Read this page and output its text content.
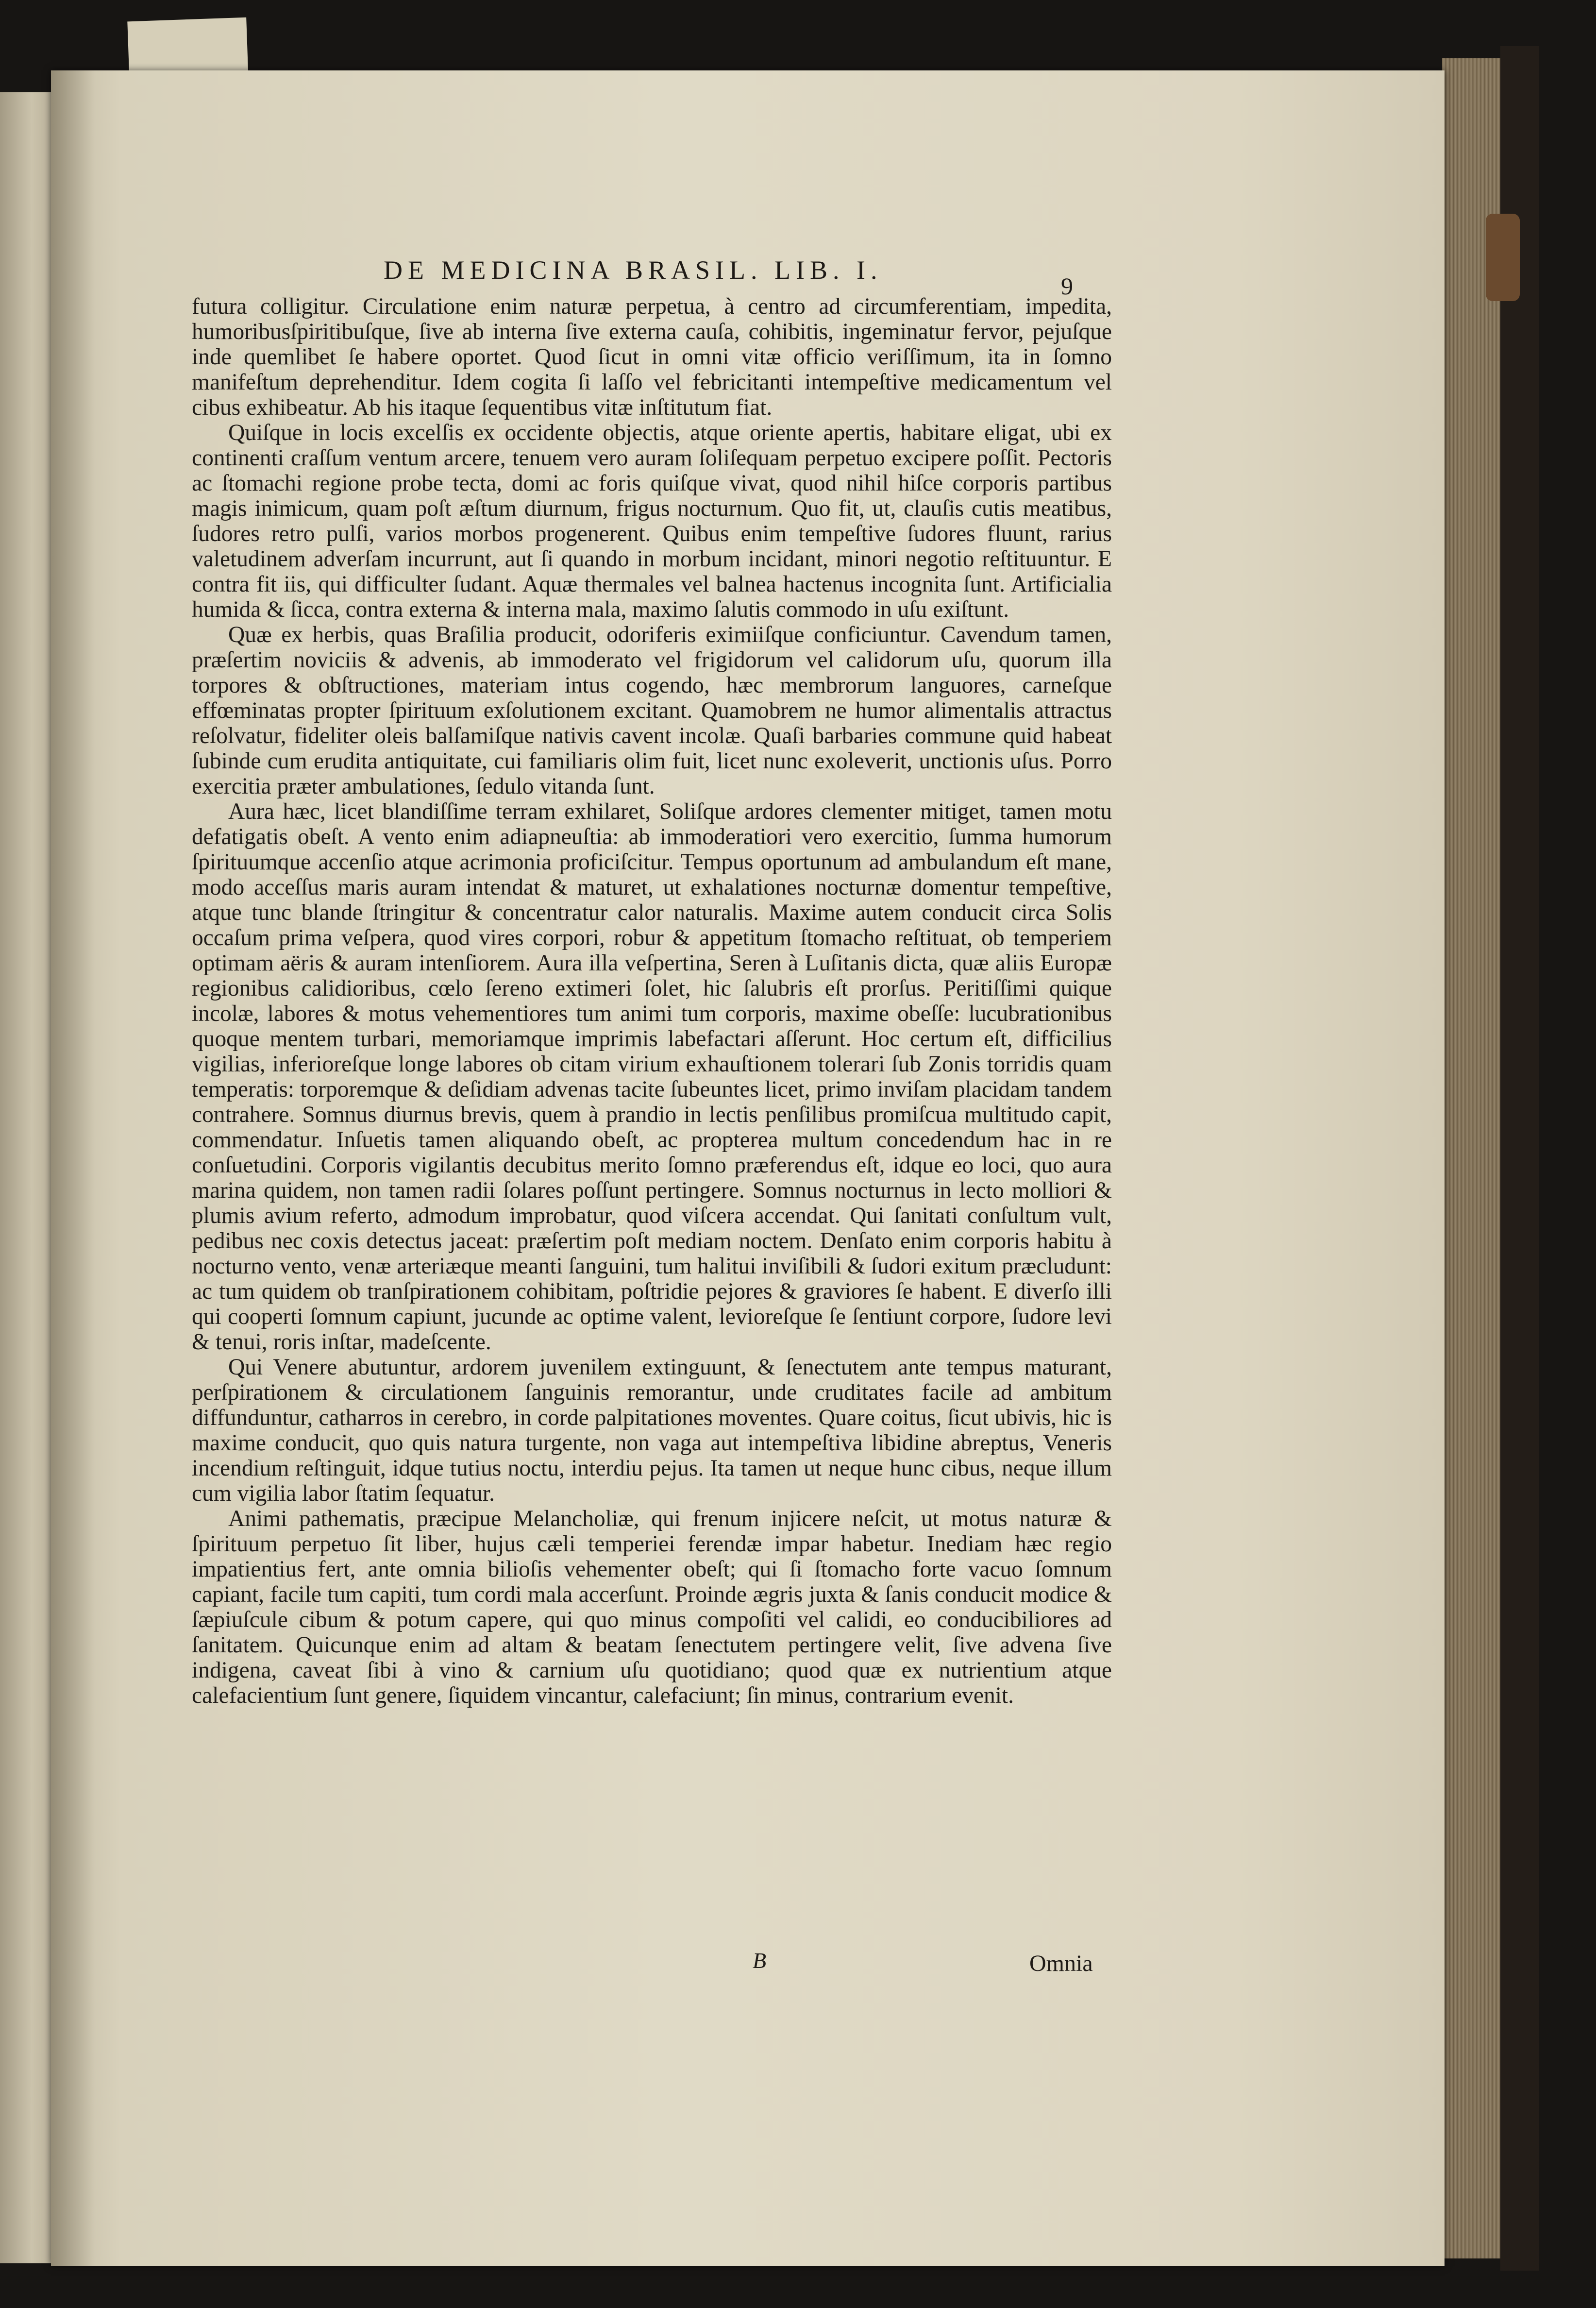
DE MEDICINA BRASIL. LIB. I.
9

futura colligitur. Circulatione enim naturæ perpetua, à centro ad circumferentiam, impedita, humoribusſpiritibuſque, ſive ab interna ſive externa cauſa, cohibitis, ingeminatur fervor, pejuſque inde quemlibet ſe habere oportet. Quod ſicut in omni vitæ officio veriſſimum, ita in ſomno manifeſtum deprehenditur. Idem cogita ſi laſſo vel febricitanti intempeſtive medicamentum vel cibus exhibeatur. Ab his itaque ſequentibus vitæ inſtitutum fiat.

Quiſque in locis excelſis ex occidente objectis, atque oriente apertis, habitare eligat, ubi ex continenti craſſum ventum arcere, tenuem vero auram ſoliſequam perpetuo excipere poſſit. Pectoris ac ſtomachi regione probe tecta, domi ac foris quiſque vivat, quod nihil hiſce corporis partibus magis inimicum, quam poſt æſtum diurnum, frigus nocturnum. Quo fit, ut, clauſis cutis meatibus, ſudores retro pulſi, varios morbos progenerent. Quibus enim tempeſtive ſudores fluunt, rarius valetudinem adverſam incurrunt, aut ſi quando in morbum incidant, minori negotio reſtituuntur. E contra fit iis, qui difficulter ſudant. Aquæ thermales vel balnea hactenus incognita ſunt. Artificialia humida & ſicca, contra externa & interna mala, maximo ſalutis commodo in uſu exiſtunt.

Quæ ex herbis, quas Braſilia producit, odoriferis eximiiſque conficiuntur. Cavendum tamen, præſertim noviciis & advenis, ab immoderato vel frigidorum vel calidorum uſu, quorum illa torpores & obſtructiones, materiam intus cogendo, hæc membrorum languores, carneſque effœminatas propter ſpirituum exſolutionem excitant. Quamobrem ne humor alimentalis attractus reſolvatur, fideliter oleis balſamiſque nativis cavent incolæ. Quaſi barbaries commune quid habeat ſubinde cum erudita antiquitate, cui familiaris olim fuit, licet nunc exoleverit, unctionis uſus. Porro exercitia præter ambulationes, ſedulo vitanda ſunt.

Aura hæc, licet blandiſſime terram exhilaret, Soliſque ardores clementer mitiget, tamen motu defatigatis obeſt. A vento enim adiapneuſtia: ab immoderatiori vero exercitio, ſumma humorum ſpirituumque accenſio atque acrimonia proficiſcitur. Tempus oportunum ad ambulandum eſt mane, modo acceſſus maris auram intendat & maturet, ut exhalationes nocturnæ domentur tempeſtive, atque tunc blande ſtringitur & concentratur calor naturalis. Maxime autem conducit circa Solis occaſum prima veſpera, quod vires corpori, robur & appetitum ſtomacho reſtituat, ob temperiem optimam aëris & auram intenſiorem. Aura illa veſpertina, Seren à Luſitanis dicta, quæ aliis Europæ regionibus calidioribus, cœlo ſereno extimeri ſolet, hic ſalubris eſt prorſus. Peritiſſimi quique incolæ, labores & motus vehementiores tum animi tum corporis, maxime obeſſe: lucubrationibus quoque mentem turbari, memoriamque imprimis labefactari aſſerunt. Hoc certum eſt, difficilius vigilias, inferioreſque longe labores ob citam virium exhauſtionem tolerari ſub Zonis torridis quam temperatis: torporemque & deſidiam advenas tacite ſubeuntes licet, primo inviſam placidam tandem contrahere. Somnus diurnus brevis, quem à prandio in lectis penſilibus promiſcua multitudo capit, commendatur. Inſuetis tamen aliquando obeſt, ac propterea multum concedendum hac in re conſuetudini. Corporis vigilantis decubitus merito ſomno præferendus eſt, idque eo loci, quo aura marina quidem, non tamen radii ſolares poſſunt pertingere. Somnus nocturnus in lecto molliori & plumis avium referto, admodum improbatur, quod viſcera accendat. Qui ſanitati conſultum vult, pedibus nec coxis detectus jaceat: præſertim poſt mediam noctem. Denſato enim corporis habitu à nocturno vento, venæ arteriæque meanti ſanguini, tum halitui inviſibili & ſudori exitum præcludunt: ac tum quidem ob tranſpirationem cohibitam, poſtridie pejores & graviores ſe habent. E diverſo illi qui cooperti ſomnum capiunt, jucunde ac optime valent, levioreſque ſe ſentiunt corpore, ſudore levi & tenui, roris inſtar, madeſcente.

Qui Venere abutuntur, ardorem juvenilem extinguunt, & ſenectutem ante tempus maturant, perſpirationem & circulationem ſanguinis remorantur, unde cruditates facile ad ambitum diffunduntur, catharros in cerebro, in corde palpitationes moventes. Quare coitus, ſicut ubivis, hic is maxime conducit, quo quis natura turgente, non vaga aut intempeſtiva libidine abreptus, Veneris incendium reſtinguit, idque tutius noctu, interdiu pejus. Ita tamen ut neque hunc cibus, neque illum cum vigilia labor ſtatim ſequatur.

Animi pathematis, præcipue Melancholiæ, qui frenum injicere neſcit, ut motus naturæ & ſpirituum perpetuo ſit liber, hujus cæli temperiei ferendæ impar habetur. Inediam hæc regio impatientius fert, ante omnia bilioſis vehementer obeſt; qui ſi ſtomacho forte vacuo ſomnum capiant, facile tum capiti, tum cordi mala accerſunt. Proinde ægris juxta & ſanis conducit modice & ſæpiuſcule cibum & potum capere, qui quo minus compoſiti vel calidi, eo conducibiliores ad ſanitatem. Quicunque enim ad altam & beatam ſenectutem pertingere velit, ſive advena ſive indigena, caveat ſibi à vino & carnium uſu quotidiano; quod quæ ex nutrientium atque calefacientium ſunt genere, ſiquidem vincantur, calefaciunt; ſin minus, contrarium evenit.

B	Omnia
